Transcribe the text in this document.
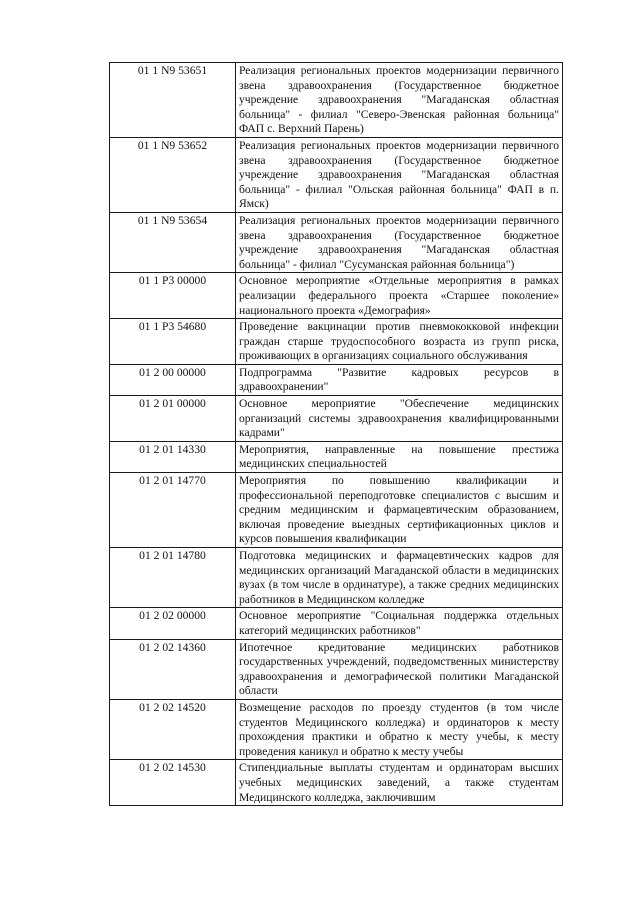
01 1 N9 53651	Реализация региональных проектов модернизации первичного звена здравоохранения (Государственное бюджетное учреждение здравоохранения "Магаданская областная больница" - филиал "Северо-Эвенская районная больница" ФАП с. Верхний Парень)
01 1 N9 53652	Реализация региональных проектов модернизации первичного звена здравоохранения (Государственное бюджетное учреждение здравоохранения "Магаданская областная больница" - филиал "Ольская районная больница" ФАП в п. Ямск)
01 1 N9 53654	Реализация региональных проектов модернизации первичного звена здравоохранения (Государственное бюджетное учреждение здравоохранения "Магаданская областная больница" - филиал "Сусуманская районная больница")
01 1 P3 00000	Основное мероприятие «Отдельные мероприятия в рамках реализации федерального проекта «Старшее поколение» национального проекта «Демография»
01 1 P3 54680	Проведение вакцинации против пневмококковой инфекции граждан старше трудоспособного возраста из групп риска, проживающих в организациях социального обслуживания
01 2 00 00000	Подпрограмма "Развитие кадровых ресурсов в здравоохранении"
01 2 01 00000	Основное мероприятие "Обеспечение медицинских организаций системы здравоохранения квалифицированными кадрами"
01 2 01 14330	Мероприятия, направленные на повышение престижа медицинских специальностей
01 2 01 14770	Мероприятия по повышению квалификации и профессиональной переподготовке специалистов с высшим и средним медицинским и фармацевтическим образованием, включая проведение выездных сертификационных циклов и курсов повышения квалификации
01 2 01 14780	Подготовка медицинских и фармацевтических кадров для медицинских организаций Магаданской области в медицинских вузах (в том числе в ординатуре), а также средних медицинских работников в Медицинском колледже
01 2 02 00000	Основное мероприятие "Социальная поддержка отдельных категорий медицинских работников"
01 2 02 14360	Ипотечное кредитование медицинских работников государственных учреждений, подведомственных министерству здравоохранения и демографической политики Магаданской области
01 2 02 14520	Возмещение расходов по проезду студентов (в том числе студентов Медицинского колледжа) и ординаторов к месту прохождения практики и обратно к месту учебы, к месту проведения каникул и обратно к месту учебы
01 2 02 14530	Стипендиальные выплаты студентам и ординаторам высших учебных медицинских заведений, а также студентам Медицинского колледжа, заключившим
